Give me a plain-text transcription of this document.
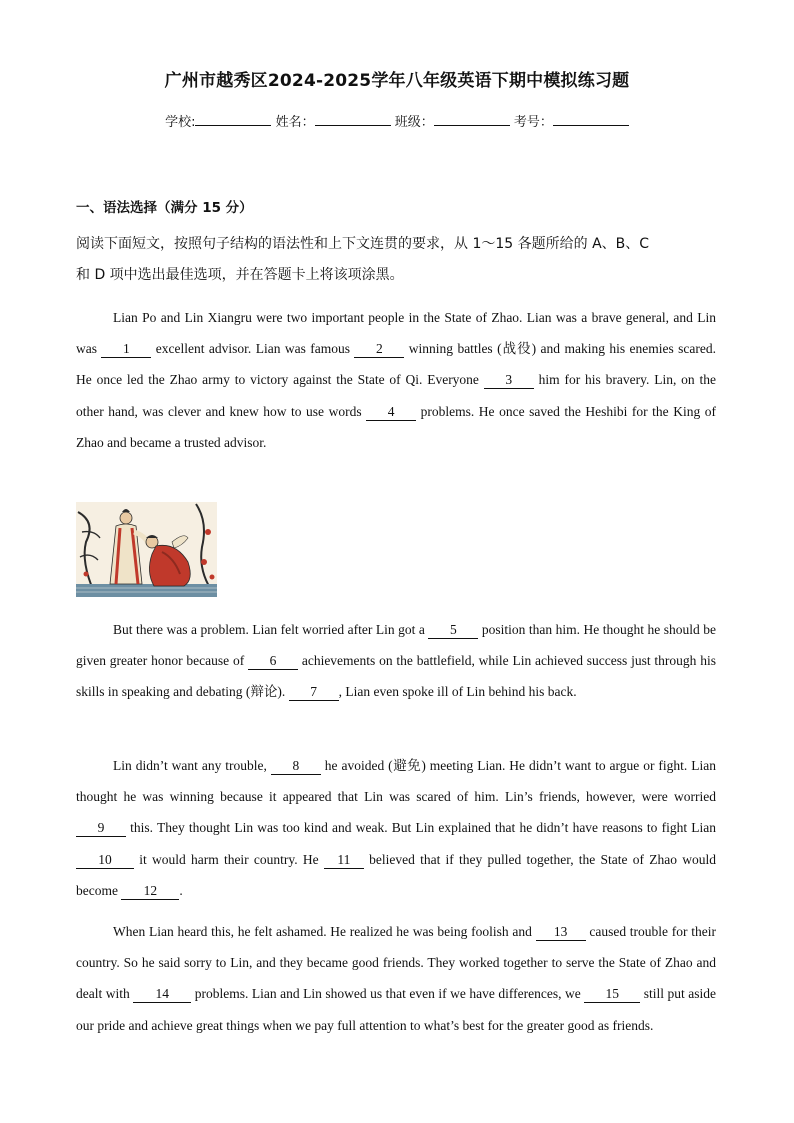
广州市越秀区2024-2025学年八年级英语下期中模拟练习题
学校:	姓名：	班级：	考号：
一、语法选择（满分 15 分）
阅读下面短文，按照句子结构的语法性和上下文连贯的要求，从 1～15 各题所给的 A、B、C
和 D 项中选出最佳选项，并在答题卡上将该项涂黑。
Lian Po and Lin Xiangru were two important people in the State of Zhao. Lian was a brave general, and Lin was 1 excellent advisor. Lian was famous 2 winning battles (战役) and making his enemies scared. He once led the Zhao army to victory against the State of Qi. Everyone 3 him for his bravery. Lin, on the other hand, was clever and knew how to use words 4 problems. He once saved the Heshibi for the King of Zhao and became a trusted advisor.
But there was a problem. Lian felt worried after Lin got a 5 position than him. He thought he should be given greater honor because of 6 achievements on the battlefield, while Lin achieved success just through his skills in speaking and debating (辩论). 7 , Lian even spoke ill of Lin behind his back.
Lin didn’t want any trouble, 8 he avoided (避免) meeting Lian. He didn’t want to argue or fight. Lian thought he was winning because it appeared that Lin was scared of him. Lin’s friends, however, were worried 9 this. They thought Lin was too kind and weak. But Lin explained that he didn’t have reasons to fight Lian 10 it would harm their country. He 11 believed that if they pulled together, the State of Zhao would become 12 .
When Lian heard this, he felt ashamed. He realized he was being foolish and 13 caused trouble for their country. So he said sorry to Lin, and they became good friends. They worked together to serve the State of Zhao and dealt with 14 problems. Lian and Lin showed us that even if we have differences, we 15 still put aside our pride and achieve great things when we pay full attention to what’s best for the greater good as friends.
